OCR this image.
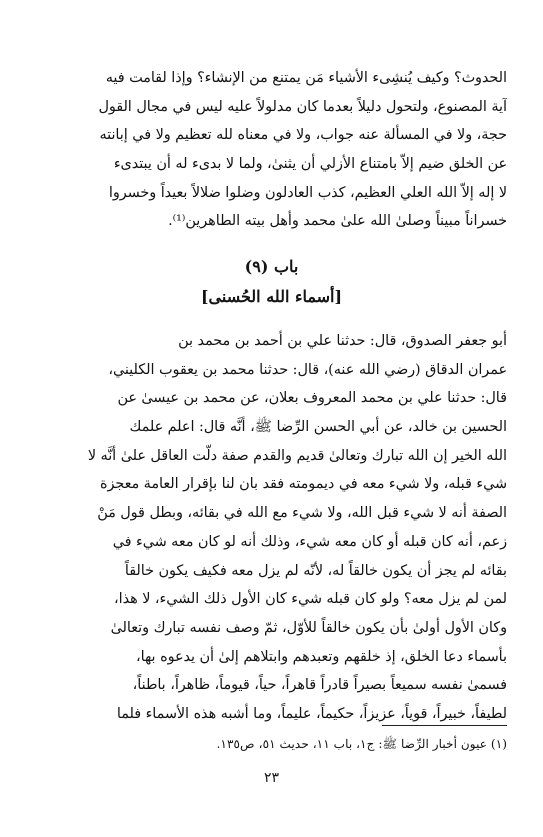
الحدوث؟ وكيف يُنشِىء الأشياء مَن يمتنع من الإنشاء؟ وإذا لقامت فيه
آية المصنوع، ولتحول دليلاً بعدما كان مدلولاً عليه ليس في مجال القول
حجة، ولا في المسألة عنه جواب، ولا في معناه لله تعظيم ولا في إبانته
عن الخلق ضيم إلاّ بامتناع الأزلي أن يثنىٰ، ولما لا بدىء له أن يبتدىء
لا إله إلاّ الله العلي العظيم، كذب العادلون وضلوا ضلالاً بعيداً وخسروا
خسراناً مبيناً وصلىٰ الله علىٰ محمد وأهل بيته الطاهرين⁽¹⁾.
باب (٩)
[أسماء الله الحُسنى]
أبو جعفر الصدوق، قال: حدثنا علي بن أحمد بن محمد بن
عمران الدقاق (رضي الله عنه)، قال: حدثنا محمد بن يعقوب الكليني،
قال: حدثنا علي بن محمد المعروف بعلان، عن محمد بن عيسىٰ عن
الحسين بن خالد، عن أبي الحسن الرِّضا ﷺ، أنَّه قال: اعلم علمك
الله الخير إن الله تبارك وتعالىٰ قديم والقدم صفة دلّت العاقل علىٰ أنَّه لا
شيء قبله، ولا شيء معه في ديمومته فقد بان لنا بإقرار العامة معجزة
الصفة أنه لا شيء قبل الله، ولا شيء مع الله في بقائه، وبطل قول مَنْ
زعم، أنه كان قبله أو كان معه شيء، وذلك أنه لو كان معه شيء في
بقائه لم يجز أن يكون خالقاً له، لأنّه لم يزل معه فكيف يكون خالقاً
لمن لم يزل معه؟ ولو كان قبله شيء كان الأول ذلك الشيء، لا هذا،
وكان الأول أولىٰ بأن يكون خالقاً للأوّل، ثمّ وصف نفسه تبارك وتعالىٰ
بأسماء دعا الخلق، إذ خلقهم وتعبدهم وابتلاهم إلىٰ أن يدعوه بها،
فسمىٰ نفسه سميعاً بصيراً قادراً قاهراً، حياً، قيوماً، ظاهراً، باطناً،
لطيفاً، خبيراً، قوياً، عزيزاً، حكيماً، عليماً، وما أشبه هذه الأسماء فلما
(١) عيون أخبار الرِّضا ﷺ: ج١، باب ١١، حديث ٥١، ص١٣٥.
٢٣
